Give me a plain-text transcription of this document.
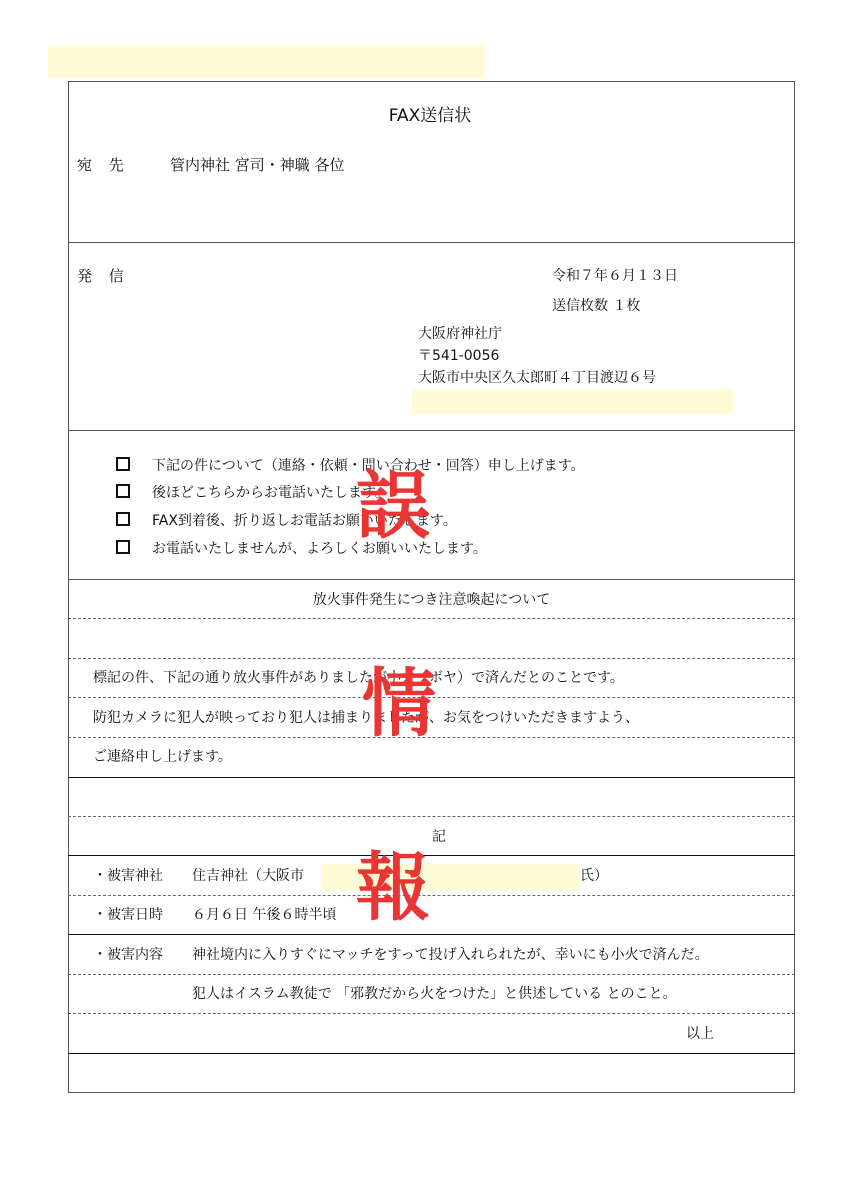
FAX送信状
宛 先	管内神社 宮司・神職 各位
発 信	令和７年６月１３日
送信枚数 １枚
大阪府神社庁
〒541-0056
大阪市中央区久太郎町４丁目渡辺６号
下記の件について（連絡・依頼・問い合わせ・回答）申し上げます。
後ほどこちらからお電話いたします。
FAX到着後、折り返しお電話お願いいたします。
お電話いたしませんが、よろしくお願いいたします。
放火事件発生につき注意喚起について
標記の件、下記の通り放火事件がありましたが小火（ボヤ）で済んだとのことです。
防犯カメラに犯人が映っており犯人は捕まりましたが、お気をつけいただきますよう、
ご連絡申し上げます。
記
・被害神社 住吉神社（大阪市	氏）
・被害日時 ６月６日 午後６時半頃
・被害内容 神社境内に入りすぐにマッチをすって投げ入れられたが、幸いにも小火で済んだ。
犯人はイスラム教徒で 「邪教だから火をつけた」と供述している とのこと。
以上
誤
情
報
